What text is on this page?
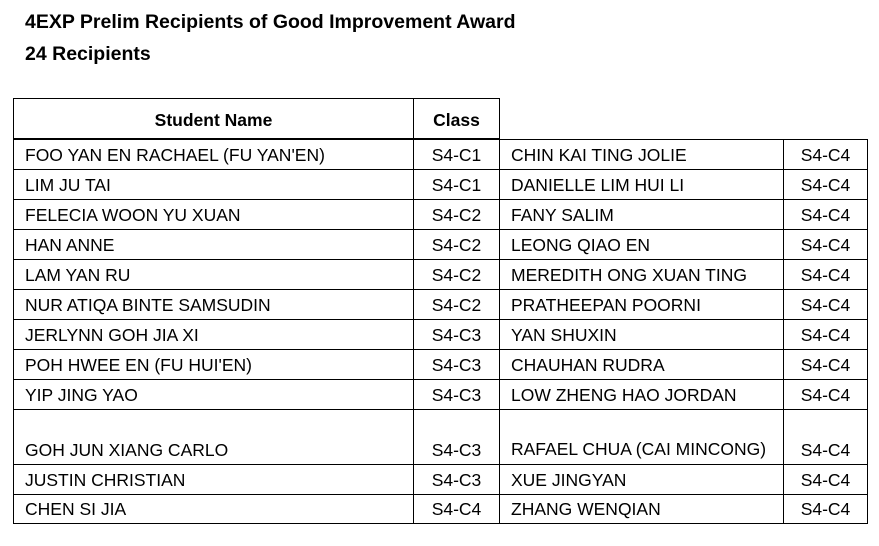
4EXP Prelim Recipients of Good Improvement Award
24 Recipients
Student Name	Class
FOO YAN EN RACHAEL (FU YAN'EN)	S4-C1	CHIN KAI TING JOLIE	S4-C4
LIM JU TAI	S4-C1	DANIELLE LIM HUI LI	S4-C4
FELECIA WOON YU XUAN	S4-C2	FANY SALIM	S4-C4
HAN ANNE	S4-C2	LEONG QIAO EN	S4-C4
LAM YAN RU	S4-C2	MEREDITH ONG XUAN TING	S4-C4
NUR ATIQA BINTE SAMSUDIN	S4-C2	PRATHEEPAN POORNI	S4-C4
JERLYNN GOH JIA XI	S4-C3	YAN SHUXIN	S4-C4
POH HWEE EN (FU HUI'EN)	S4-C3	CHAUHAN RUDRA	S4-C4
YIP JING YAO	S4-C3	LOW ZHENG HAO JORDAN	S4-C4
GOH JUN XIANG CARLO	S4-C3	RAFAEL CHUA (CAI MINCONG)	S4-C4
JUSTIN CHRISTIAN	S4-C3	XUE JINGYAN	S4-C4
CHEN SI JIA	S4-C4	ZHANG WENQIAN	S4-C4
